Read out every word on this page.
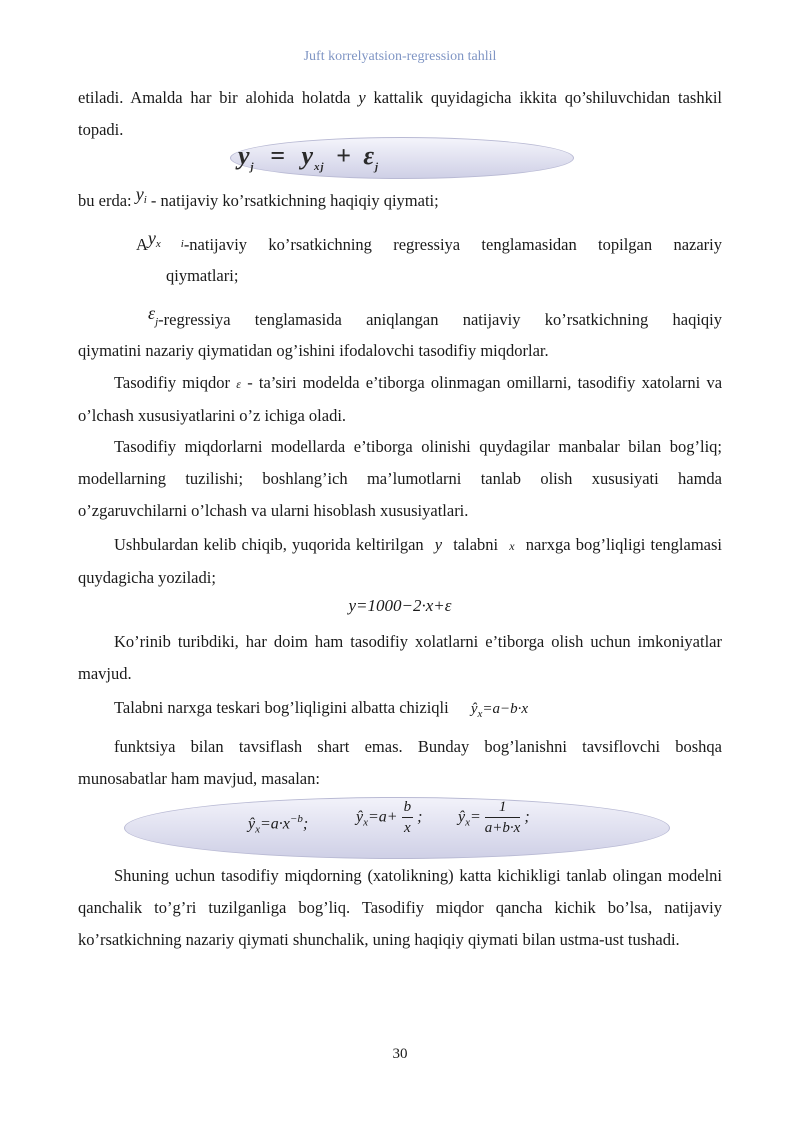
Juft korrelyatsion-regression tahlil
etiladi. Amalda har bir alohida holatda y kattalik quyidagicha ikkita qo’shiluvchidan tashkil topadi.
$y_j = y_{xj} + \varepsilon_j$
bu erda: yi - natijaviy ko’rsatkichning haqiqiy qiymati;
Ayx i-natijaviy ko’rsatkichning regressiya tenglamasidan topilgan nazariy
qiymatlari;
εj-regressiya tenglamasida aniqlangan natijaviy ko’rsatkichning haqiqiy
qiymatini nazariy qiymatidan og’ishini ifodalovchi tasodifiy miqdorlar.
Tasodifiy miqdor ε - ta’siri modelda e’tiborga olinmagan omillarni, tasodifiy xatolarni va o’lchash xususiyatlarini o’z ichiga oladi.
Tasodifiy miqdorlarni modellarda e’tiborga olinishi quydagilar manbalar bilan bog’liq; modellarning tuzilishi; boshlang’ich ma’lumotlarni tanlab olish xususiyati hamda o’zgaruvchilarni o’lchash va ularni hisoblash xususiyatlari.
Ushbulardan kelib chiqib, yuqorida keltirilgan y talabni x narxga bog’liqligi tenglamasi quydagicha yoziladi;
y=1000−2·x+ε
Ko’rinib turibdiki, har doim ham tasodifiy xolatlarni e’tiborga olish uchun imkoniyatlar mavjud.
Talabni narxga teskari bog’liqligini albatta chiziqli $ŷ_x=a-b\cdot x$
funktsiya bilan tavsiflash shart emas. Bunday bog’lanishni tavsiflovchi boshqa munosabatlar ham mavjud, masalan:
$ŷ_x=a\cdot x^{-b}$;	$ŷ_x=a+ \frac{b}{x}$ ; $ŷ_x= \frac{1}{a+b\cdot x}$ ;
Shuning uchun tasodifiy miqdorning (xatolikning) katta kichikligi tanlab olingan modelni qanchalik to’g’ri tuzilganliga bog’liq. Tasodifiy miqdor qancha kichik bo’lsa, natijaviy ko’rsatkichning nazariy qiymati shunchalik, uning haqiqiy qiymati bilan ustma-ust tushadi.
30
